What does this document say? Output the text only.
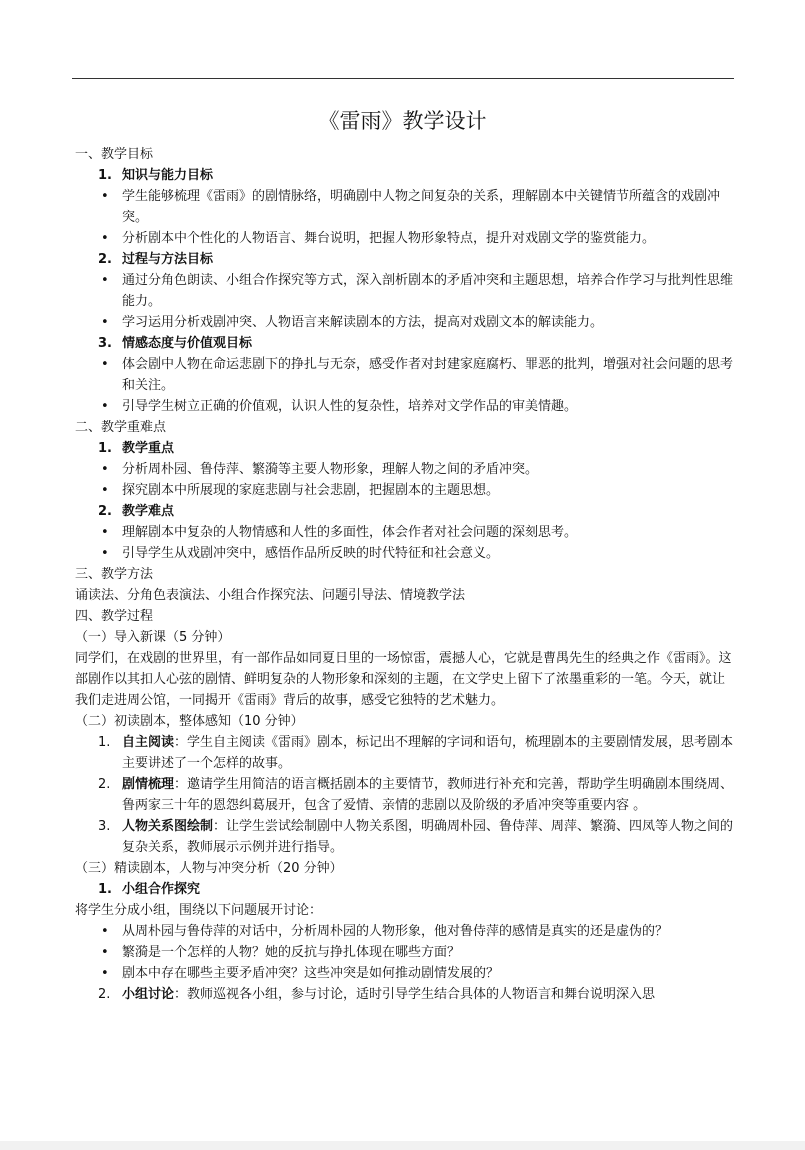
《雷雨》教学设计
一、教学目标
1. 知识与能力目标
• 学生能够梳理《雷雨》的剧情脉络，明确剧中人物之间复杂的关系，理解剧本中关键情节所蕴含的戏剧冲突。
• 分析剧本中个性化的人物语言、舞台说明，把握人物形象特点，提升对戏剧文学的鉴赏能力。
2. 过程与方法目标
• 通过分角色朗读、小组合作探究等方式，深入剖析剧本的矛盾冲突和主题思想，培养合作学习与批判性思维能力。
• 学习运用分析戏剧冲突、人物语言来解读剧本的方法，提高对戏剧文本的解读能力。
3. 情感态度与价值观目标
• 体会剧中人物在命运悲剧下的挣扎与无奈，感受作者对封建家庭腐朽、罪恶的批判，增强对社会问题的思考和关注。
• 引导学生树立正确的价值观，认识人性的复杂性，培养对文学作品的审美情趣。
二、教学重难点
1. 教学重点
• 分析周朴园、鲁侍萍、繁漪等主要人物形象，理解人物之间的矛盾冲突。
• 探究剧本中所展现的家庭悲剧与社会悲剧，把握剧本的主题思想。
2. 教学难点
• 理解剧本中复杂的人物情感和人性的多面性，体会作者对社会问题的深刻思考。
• 引导学生从戏剧冲突中，感悟作品所反映的时代特征和社会意义。
三、教学方法
诵读法、分角色表演法、小组合作探究法、问题引导法、情境教学法
四、教学过程
（一）导入新课（5 分钟）
同学们，在戏剧的世界里，有一部作品如同夏日里的一场惊雷，震撼人心，它就是曹禺先生的经典之作《雷雨》。这部剧作以其扣人心弦的剧情、鲜明复杂的人物形象和深刻的主题，在文学史上留下了浓墨重彩的一笔。今天，就让我们走进周公馆，一同揭开《雷雨》背后的故事，感受它独特的艺术魅力。
（二）初读剧本，整体感知（10 分钟）
1. 自主阅读：学生自主阅读《雷雨》剧本，标记出不理解的字词和语句，梳理剧本的主要剧情发展，思考剧本主要讲述了一个怎样的故事。
2. 剧情梳理：邀请学生用简洁的语言概括剧本的主要情节，教师进行补充和完善，帮助学生明确剧本围绕周、鲁两家三十年的恩怨纠葛展开，包含了爱情、亲情的悲剧以及阶级的矛盾冲突等重要内容 。
3. 人物关系图绘制：让学生尝试绘制剧中人物关系图，明确周朴园、鲁侍萍、周萍、繁漪、四凤等人物之间的复杂关系，教师展示示例并进行指导。
（三）精读剧本，人物与冲突分析（20 分钟）
1. 小组合作探究
将学生分成小组，围绕以下问题展开讨论：
• 从周朴园与鲁侍萍的对话中，分析周朴园的人物形象，他对鲁侍萍的感情是真实的还是虚伪的？
• 繁漪是一个怎样的人物？她的反抗与挣扎体现在哪些方面？
• 剧本中存在哪些主要矛盾冲突？这些冲突是如何推动剧情发展的？
2. 小组讨论：教师巡视各小组，参与讨论，适时引导学生结合具体的人物语言和舞台说明深入思
